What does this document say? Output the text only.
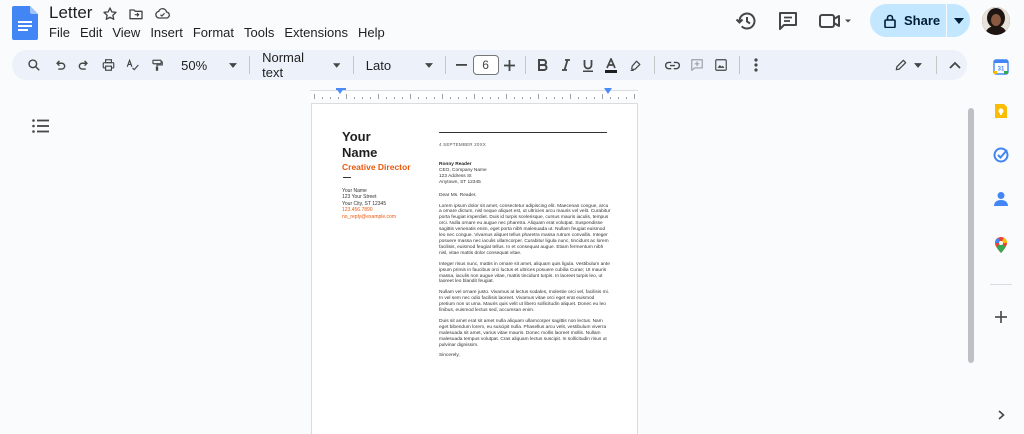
Letter
File Edit View Insert Format Tools Extensions Help
Share
50%	Normal text	Lato	6
Your
Name
Creative Director
Your Name
123 Your Street
Your City, ST 12345
123.456.7890
no_reply@example.com
4 SEPTEMBER 20XX

Ronny Reader
CEO, Company Name
123 Address St
Anytown, ST 12345

Dear Ms. Reader,

Lorem ipsum dolor sit amet, consectetur adipiscing elit. Maecenas congue, arcu a ornare dictum, nisl neque aliquet est, ut ultricies arcu mauris vel velit. Curabitur porta feugiat imperdiet. Duis id turpis scelerisque, cursus mauris iaculis, tempus orci. Nulla ornare eu augue nec pharetra. Aliquam erat volutpat. Suspendisse sagittis venenatis enim, eget porta nibh malesuada ut. Nullam feugiat euismod leo nec congue. Vivamus aliquet tellus pharetra massa rutrum convallis. Integer posuere massa nec iaculis ullamcorper. Curabitur ligula nunc, tincidunt ac lorem facilisis, euismod feugiat tellus. In et consequat augue. Etiam fermentum nibh nisl, vitae mattis dolor consequat vitae.

Integer risus nunc, mattis in ornare sit amet, aliquam quis ligula. Vestibulum ante ipsum primis in faucibus orci luctus et ultrices posuere cubilia Curae; Ut mauris massa, iaculis non augue vitae, mattis tincidunt turpis. In laoreet turpis leo, ut laoreet leo blandit feugiat.

Nullam vel ornare justo. Vivamus at lectus sodales, molestie orci vel, facilisis mi. In vel sem nec odio facilisis laoreet. Vivamus vitae orci eget erat euismod pretium non ut urna. Mauris quis velit ut libero sollicitudin aliquet. Donec eu leo finibus, euismod lectus sed, accumsan enim.

Duis sit amet erat sit amet nulla aliquam ullamcorper sagittis non lectus. Nam eget bibendum lorem, eu suscipit nulla. Phasellus arcu velit, vestibulum viverra malesuada sit amet, varius vitae mauris. Donec mollis laoreet mollis. Nullam malesuada tempus volutpat. Cras aliquam lectus suscipit. In sollicitudin risus ut pulvinar dignissim.

Sincerely,

31
